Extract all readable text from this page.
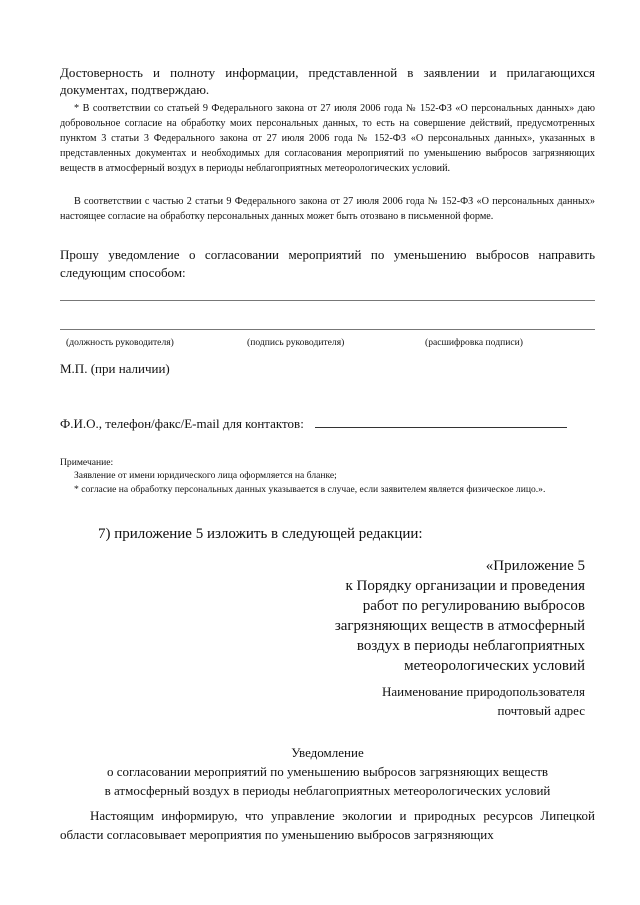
Достоверность и полноту информации, представленной в заявлении и прилагающихся документах, подтверждаю.

* В соответствии со статьей 9 Федерального закона от 27 июля 2006 года № 152-ФЗ «О персональных данных» даю добровольное согласие на обработку моих персональных данных, то есть на совершение действий, предусмотренных пунктом 3 статьи 3 Федерального закона от 27 июля 2006 года № 152-ФЗ «О персональных данных», указанных в представленных документах и необходимых для согласования мероприятий по уменьшению выбросов загрязняющих веществ в атмосферный воздух в периоды неблагоприятных метеорологических условий.

В соответствии с частью 2 статьи 9 Федерального закона от 27 июля 2006 года № 152-ФЗ «О персональных данных» настоящее согласие на обработку персональных данных может быть отозвано в письменной форме.

Прошу уведомление о согласовании мероприятий по уменьшению выбросов направить следующим способом:

(должность руководителя)	(подпись руководителя)	(расшифровка подписи)

М.П. (при наличии)

Ф.И.О., телефон/факс/E-mail для контактов:

Примечание:

Заявление от имени юридического лица оформляется на бланке;

* согласие на обработку персональных данных указывается в случае, если заявителем является физическое лицо.».

7) приложение 5 изложить в следующей редакции:

«Приложение 5
к Порядку организации и проведения
работ по регулированию выбросов
загрязняющих веществ в атмосферный
воздух в периоды неблагоприятных
метеорологических условий
Наименование природопользователя
почтовый адрес

Уведомление

о согласовании мероприятий по уменьшению выбросов загрязняющих веществ
в атмосферный воздух в периоды неблагоприятных метеорологических условий

Настоящим информирую, что управление экологии и природных ресурсов Липецкой области согласовывает мероприятия по уменьшению выбросов загрязняющих
